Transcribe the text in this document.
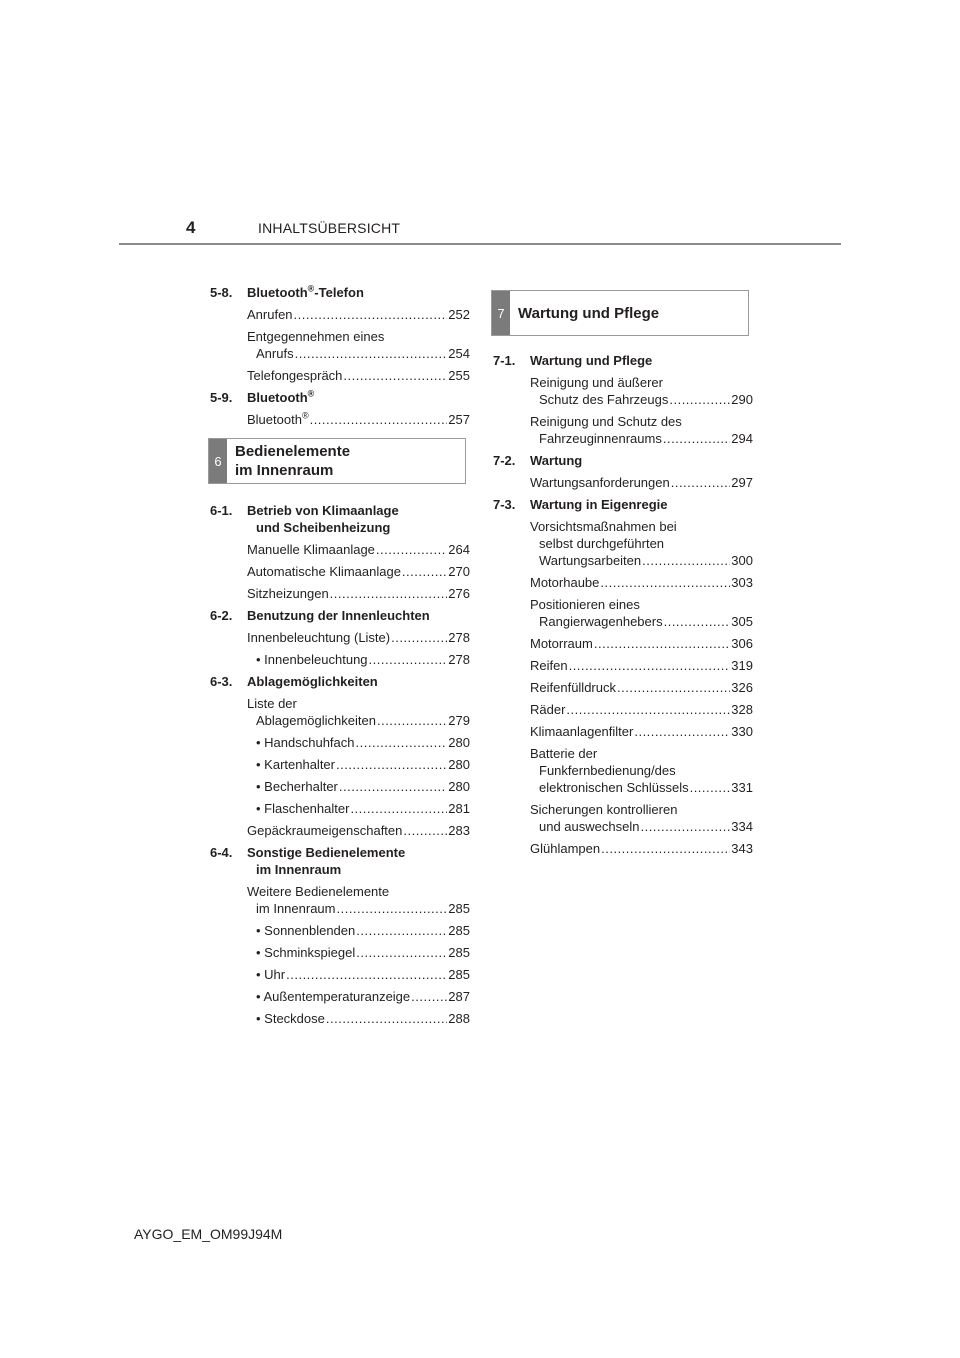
4	INHALTSÜBERSICHT
5-8.	Bluetooth®-Telefon
Anrufen .....	252
Entgegennehmen eines
Anrufs .....	254
Telefongespräch .....	255
5-9.	Bluetooth®
Bluetooth® .....	257
6
Bedienelemente
im Innenraum
6-1.	Betrieb von Klimaanlage
und Scheibenheizung
Manuelle Klimaanlage .....	264
Automatische Klimaanlage .....	270
Sitzheizungen .....	276
6-2.	Benutzung der Innenleuchten
Innenbeleuchtung (Liste) .....	278
• Innenbeleuchtung .....	278
6-3.	Ablagemöglichkeiten
Liste der
Ablagemöglichkeiten .....	279
• Handschuhfach .....	280
• Kartenhalter .....	280
• Becherhalter .....	280
• Flaschenhalter .....	281
Gepäckraumeigenschaften .....	283
6-4.	Sonstige Bedienelemente
im Innenraum
Weitere Bedienelemente
im Innenraum .....	285
• Sonnenblenden .....	285
• Schminkspiegel .....	285
• Uhr .....	285
• Außentemperaturanzeige .....	287
• Steckdose .....	288
7 Wartung und Pflege
7-1.	Wartung und Pflege
Reinigung und äußerer
Schutz des Fahrzeugs .....	290
Reinigung und Schutz des
Fahrzeuginnenraums .....	294
7-2.	Wartung
Wartungsanforderungen .....	297
7-3.	Wartung in Eigenregie
Vorsichtsmaßnahmen bei
selbst durchgeführten
Wartungsarbeiten .....	300
Motorhaube .....	303
Positionieren eines
Rangierwagenhebers .....	305
Motorraum .....	306
Reifen .....	319
Reifenfülldruck .....	326
Räder .....	328
Klimaanlagenfilter .....	330
Batterie der
Funkfernbedienung/des
elektronischen Schlüssels .....	331
Sicherungen kontrollieren
und auswechseln .....	334
Glühlampen .....	343
AYGO_EM_OM99J94M
